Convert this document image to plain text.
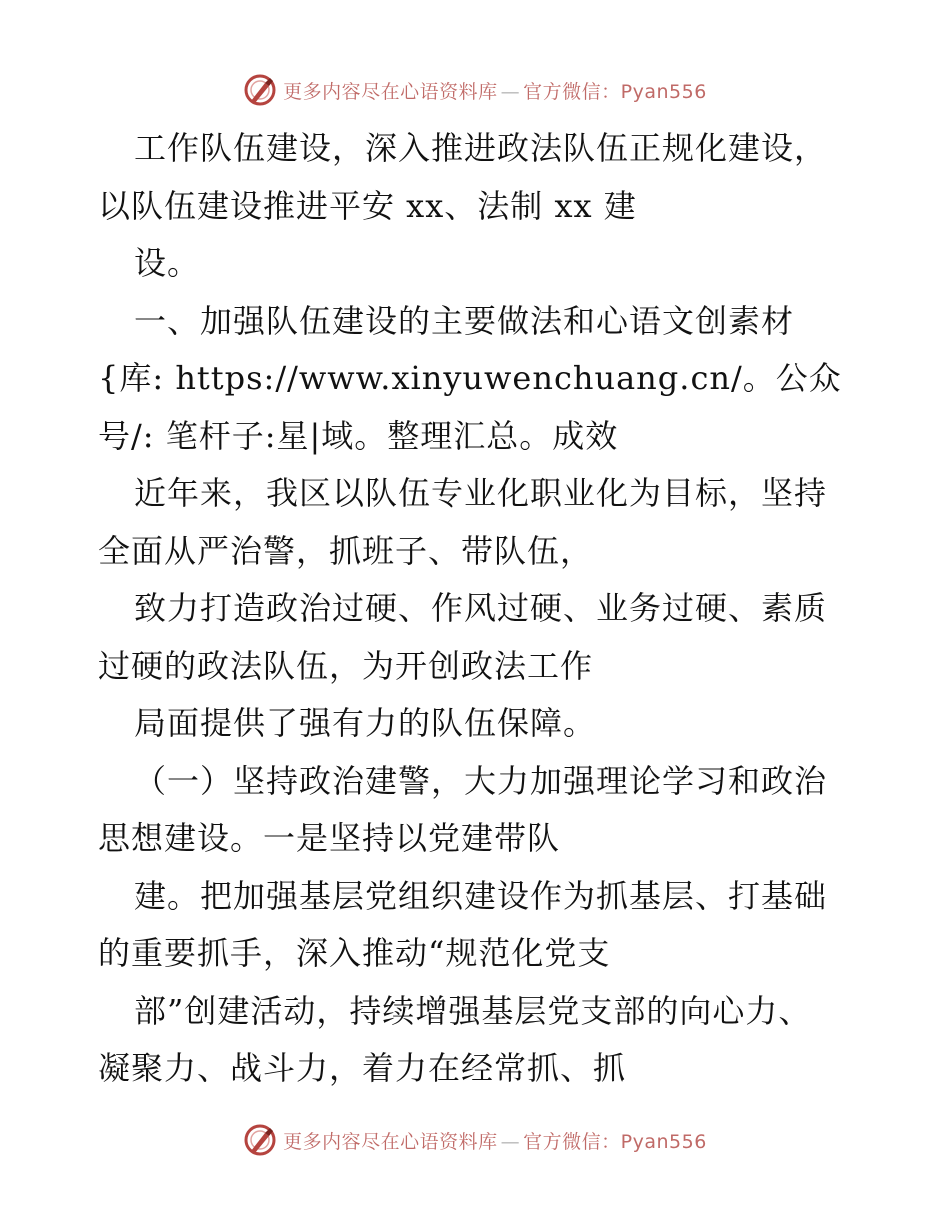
更多内容尽在心语资料库 — 官方微信：Pyan556
工作队伍建设，深入推进政法队伍正规化建设，
以队伍建设推进平安 xx、法制 xx 建
设。
一、加强队伍建设的主要做法和心语文创素材
{库: https://www.xinyuwenchuang.cn/。公众
号/: 笔杆子:星|域。整理汇总。成效
近年来，我区以队伍专业化职业化为目标，坚持
全面从严治警，抓班子、带队伍，
致力打造政治过硬、作风过硬、业务过硬、素质
过硬的政法队伍，为开创政法工作
局面提供了强有力的队伍保障。
（一）坚持政治建警，大力加强理论学习和政治
思想建设。一是坚持以党建带队
建。把加强基层党组织建设作为抓基层、打基础
的重要抓手，深入推动“规范化党支
部”创建活动，持续增强基层党支部的向心力、
凝聚力、战斗力，着力在经常抓、抓
更多内容尽在心语资料库 — 官方微信：Pyan556
